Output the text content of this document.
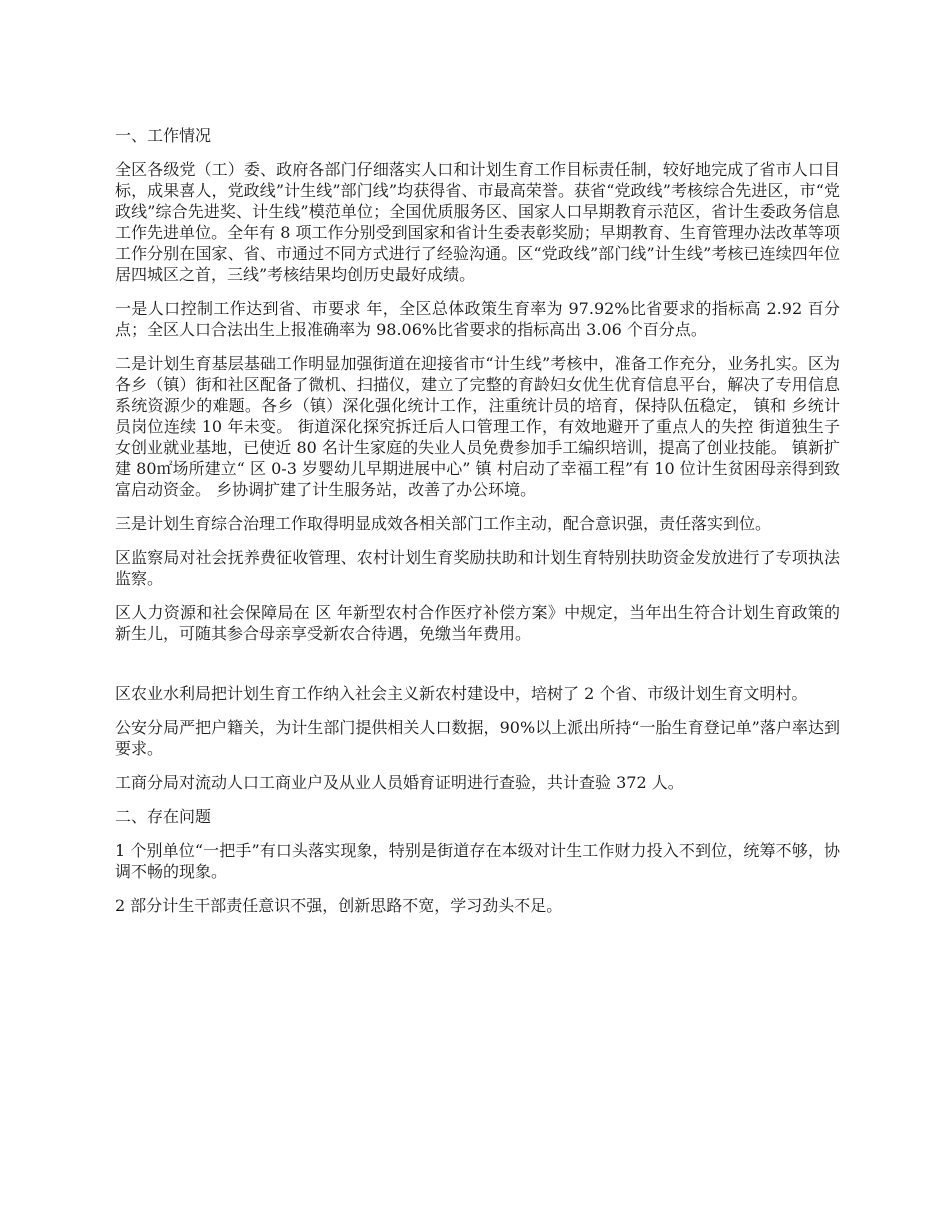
一、工作情况

全区各级党（工）委、政府各部门仔细落实人口和计划生育工作目标责任制，较好地完成了省市人口目标，成果喜人，党政线”计生线”部门线”均获得省、市最高荣誉。获省“党政线”考核综合先进区，市“党政线”综合先进奖、计生线”模范单位；全国优质服务区、国家人口早期教育示范区，省计生委政务信息工作先进单位。全年有 8 项工作分别受到国家和省计生委表彰奖励；早期教育、生育管理办法改革等项工作分别在国家、省、市通过不同方式进行了经验沟通。区“党政线”部门线”计生线”考核已连续四年位居四城区之首，三线”考核结果均创历史最好成绩。

一是人口控制工作达到省、市要求 年，全区总体政策生育率为 97.92%比省要求的指标高 2.92 百分点；全区人口合法出生上报准确率为 98.06%比省要求的指标高出 3.06 个百分点。

二是计划生育基层基础工作明显加强街道在迎接省市“计生线”考核中，准备工作充分，业务扎实。区为各乡（镇）街和社区配备了微机、扫描仪，建立了完整的育龄妇女优生优育信息平台，解决了专用信息系统资源少的难题。各乡（镇）深化强化统计工作，注重统计员的培育，保持队伍稳定， 镇和 乡统计员岗位连续 10 年未变。 街道深化探究拆迁后人口管理工作，有效地避开了重点人的失控 街道独生子女创业就业基地，已使近 80 名计生家庭的失业人员免费参加手工编织培训，提高了创业技能。 镇新扩建 80㎡场所建立“ 区 0-3 岁婴幼儿早期进展中心” 镇 村启动了幸福工程”有 10 位计生贫困母亲得到致富启动资金。 乡协调扩建了计生服务站，改善了办公环境。

三是计划生育综合治理工作取得明显成效各相关部门工作主动，配合意识强，责任落实到位。

区监察局对社会抚养费征收管理、农村计划生育奖励扶助和计划生育特别扶助资金发放进行了专项执法监察。

区人力资源和社会保障局在 区 年新型农村合作医疗补偿方案》中规定，当年出生符合计划生育政策的新生儿，可随其参合母亲享受新农合待遇，免缴当年费用。

区农业水利局把计划生育工作纳入社会主义新农村建设中，培树了 2 个省、市级计划生育文明村。

公安分局严把户籍关，为计生部门提供相关人口数据，90%以上派出所持“一胎生育登记单”落户率达到要求。

工商分局对流动人口工商业户及从业人员婚育证明进行查验，共计查验 372 人。

二、存在问题

1 个别单位“一把手”有口头落实现象，特别是街道存在本级对计生工作财力投入不到位，统筹不够，协调不畅的现象。

2 部分计生干部责任意识不强，创新思路不宽，学习劲头不足。
